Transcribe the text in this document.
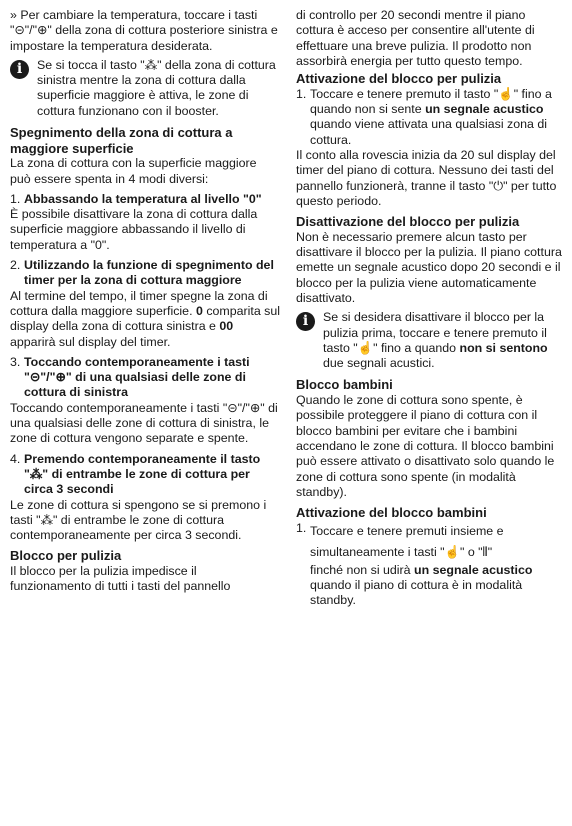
» Per cambiare la temperatura, toccare i tasti "⊝"/"⊕" della zona di cottura posteriore sinistra e impostare la temperatura desiderata.

i	Se si tocca il tasto "⁂" della zona di cottura sinistra mentre la zona di cottura dalla superficie maggiore è attiva, le zone di cottura funzionano con il booster.

Spegnimento della zona di cottura a maggiore superficie

La zona di cottura con la superficie maggiore può essere spenta in 4 modi diversi:

1. Abbassando la temperatura al livello "0"

È possibile disattivare la zona di cottura dalla superficie maggiore abbassando il livello di temperatura a "0".

2. Utilizzando la funzione di spegnimento del timer per la zona di cottura maggiore

Al termine del tempo, il timer spegne la zona di cottura dalla maggiore superficie. 0 comparita sul display della zona di cottura sinistra e 00 apparirà sul display del timer.

3. Toccando contemporaneamente i tasti "⊝"/"⊕" di una qualsiasi delle zone di cottura di sinistra

Toccando contemporaneamente i tasti "⊝"/"⊕" di una qualsiasi delle zone di cottura di sinistra, le zone di cottura vengono separate e spente.

4. Premendo contemporaneamente il tasto "⁂" di entrambe le zone di cottura per circa 3 secondi

Le zone di cottura si spengono se si premono i tasti "⁂" di entrambe le zone di cottura contemporaneamente per circa 3 secondi.

Blocco per pulizia

Il blocco per la pulizia impedisce il funzionamento di tutti i tasti del pannello

di controllo per 20 secondi mentre il piano cottura è acceso per consentire all'utente di effettuare una breve pulizia. Il prodotto non assorbirà energia per tutto questo tempo.

Attivazione del blocco per pulizia

1. Toccare e tenere premuto il tasto "☝" fino a quando non si sente un segnale acustico quando viene attivata una qualsiasi zona di cottura.

Il conto alla rovescia inizia da 20 sul display del timer del piano di cottura. Nessuno dei tasti del pannello funzionerà, tranne il tasto "⏻" per tutto questo periodo.

Disattivazione del blocco per pulizia

Non è necessario premere alcun tasto per disattivare il blocco per la pulizia. Il piano cottura emette un segnale acustico dopo 20 secondi e il blocco per la pulizia viene automaticamente disattivato.

i	Se si desidera disattivare il blocco per la pulizia prima, toccare e tenere premuto il tasto "☝" fino a quando non si sentono due segnali acustici.

Blocco bambini

Quando le zone di cottura sono spente, è possibile proteggere il piano di cottura con il blocco bambini per evitare che i bambini accendano le zone di cottura. Il blocco bambini può essere attivato o disattivato solo quando le zone di cottura sono spente (in modalità standby).

Attivazione del blocco bambini

1. Toccare e tenere premuti insieme e
simultaneamente i tasti "☝" o "⫴"
finché non si udirà un segnale acustico quando il piano di cottura è in modalità standby.
